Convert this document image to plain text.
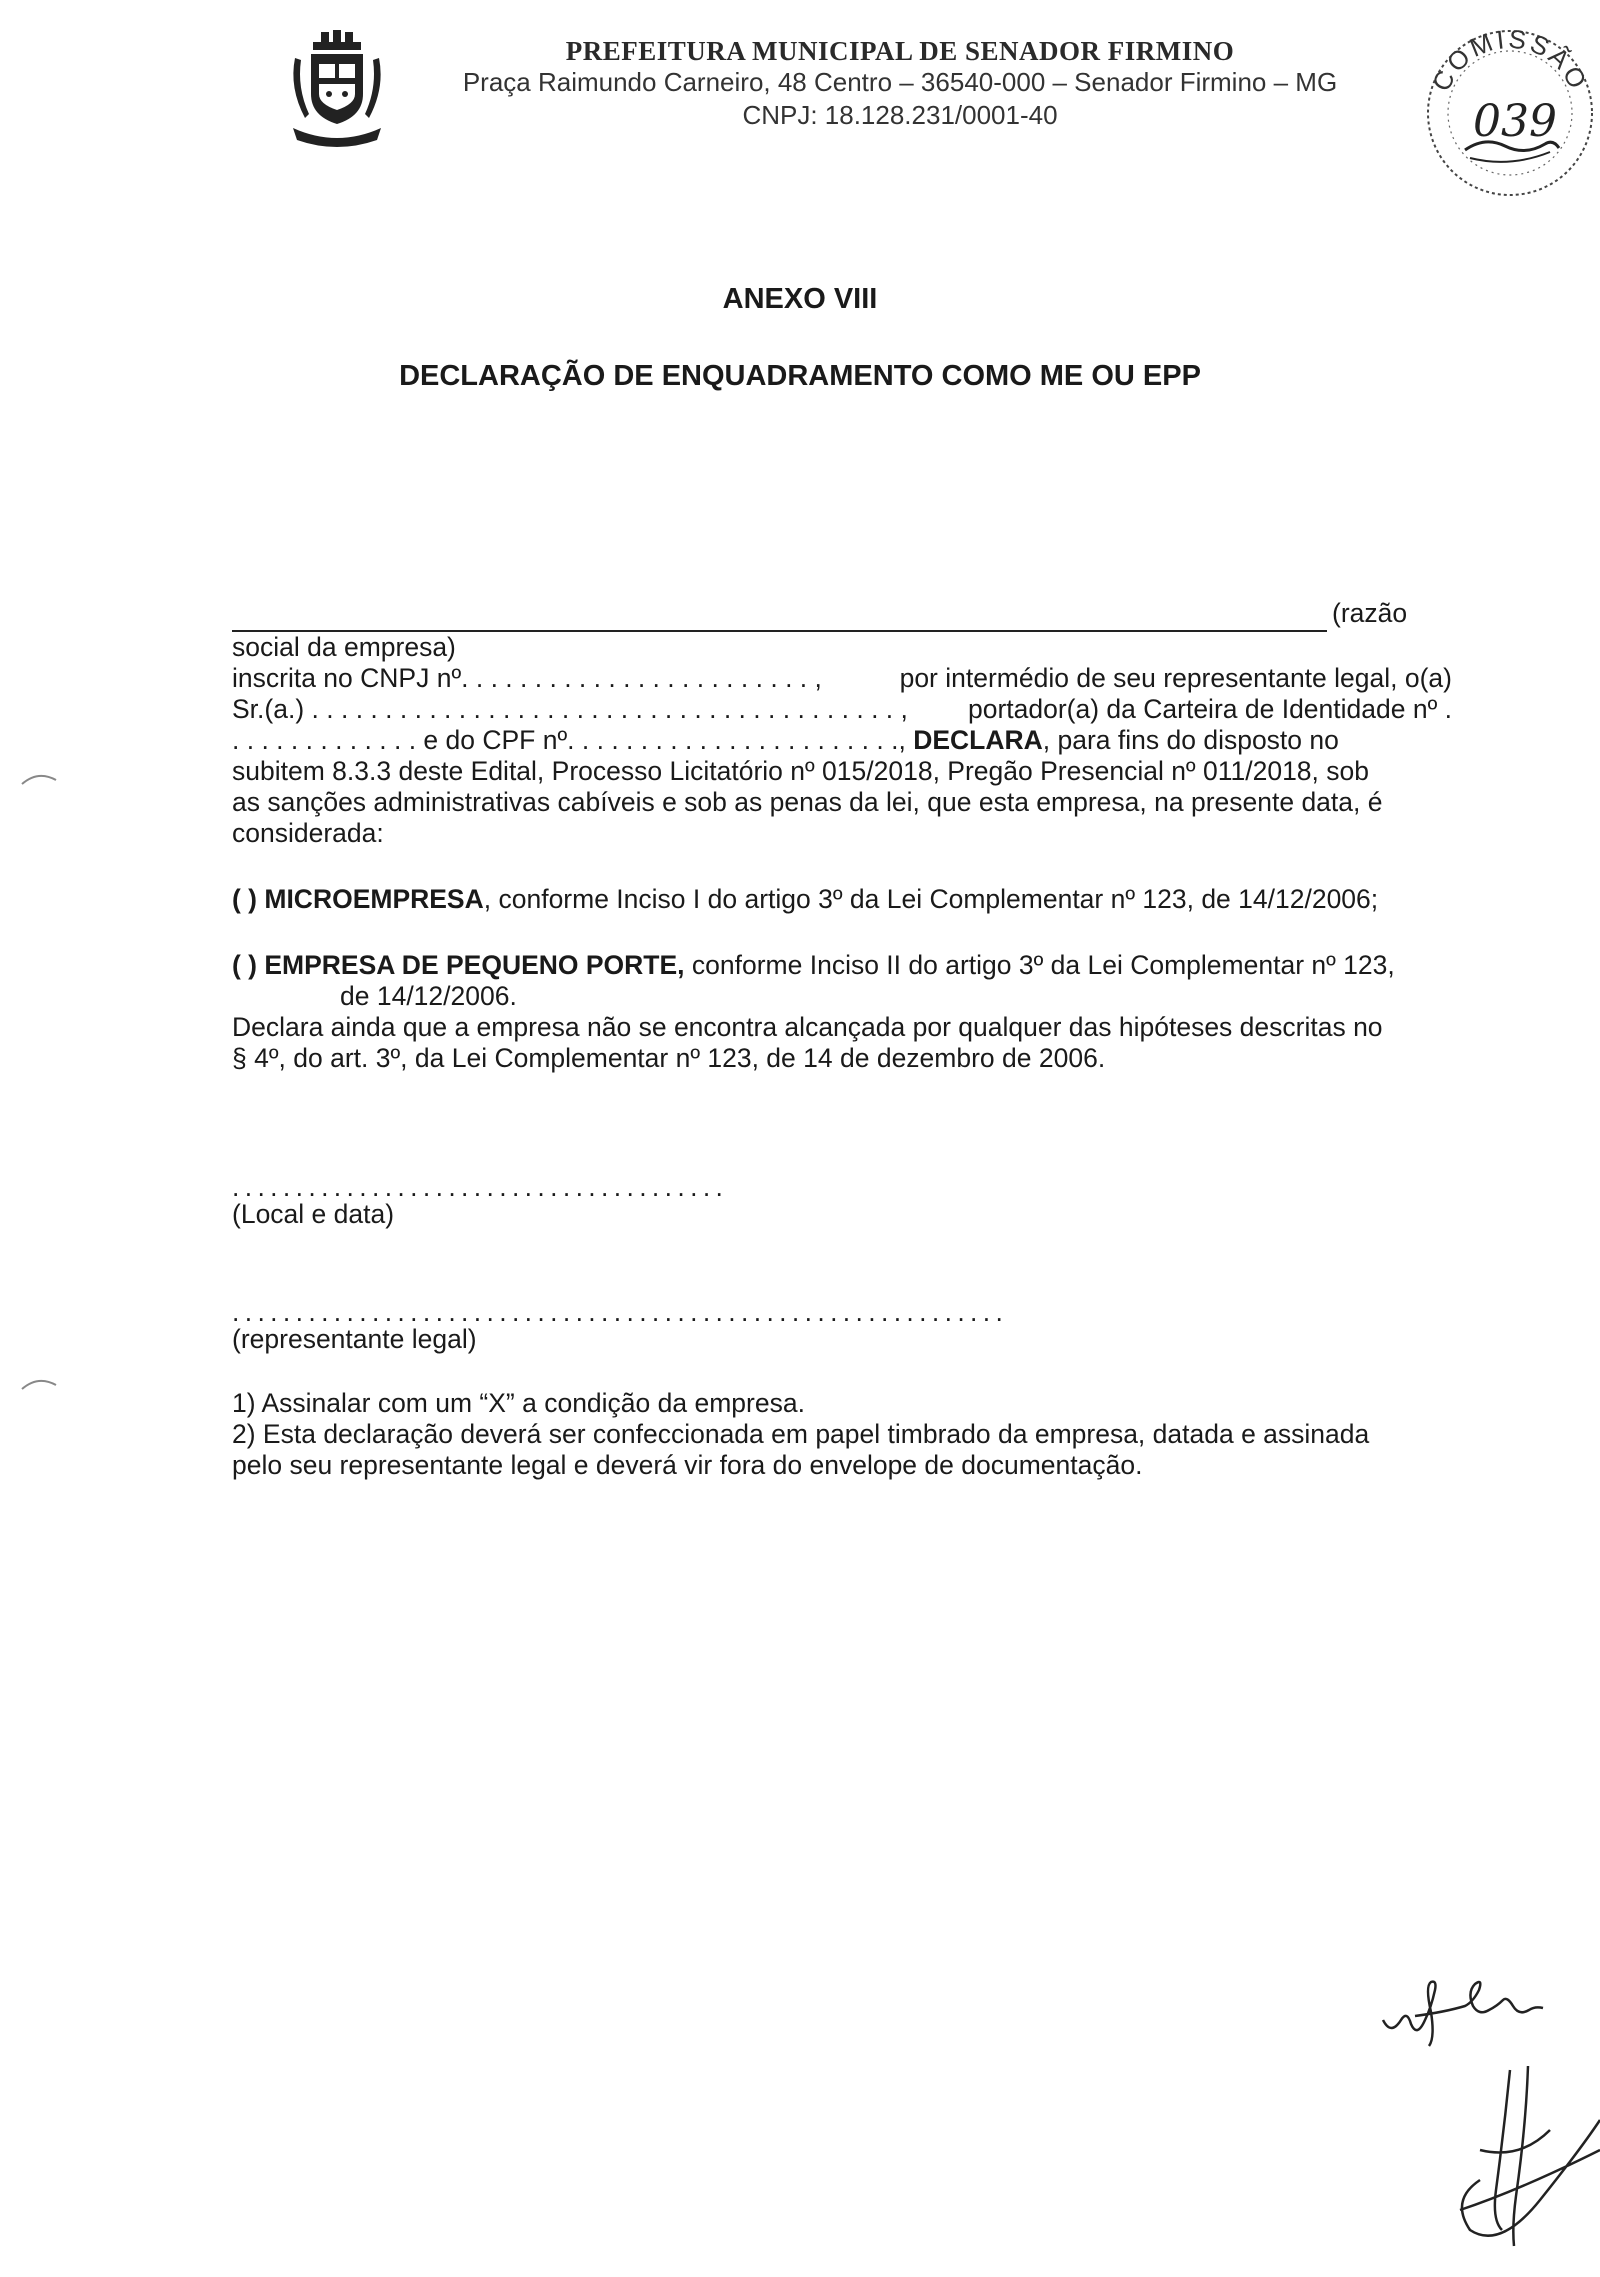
PREFEITURA MUNICIPAL DE SENADOR FIRMINO
Praça Raimundo Carneiro, 48 Centro – 36540-000 – Senador Firmino – MG
CNPJ: 18.128.231/0001-40
COMISSÃO
039
ANEXO VIII
DECLARAÇÃO DE ENQUADRAMENTO COMO ME OU EPP
(razão
social da empresa)
inscrita no CNPJ nº. . . . . . . . . . . . . . . . . . . . . . . . ,	por intermédio de seu representante legal, o(a)
Sr.(a.) . . . . . . . . . . . . . . . . . . . . . . . . . . . . . . . . . . . . . . . . , portador(a) da Carteira de Identidade nº .
. . . . . . . . . . . . . e do CPF nº. . . . . . . . . . . . . . . . . . . . . . ., DECLARA, para fins do disposto no
subitem 8.3.3 deste Edital, Processo Licitatório nº 015/2018, Pregão Presencial nº 011/2018, sob
as sanções administrativas cabíveis e sob as penas da lei, que esta empresa, na presente data, é
considerada:
( ) MICROEMPRESA, conforme Inciso I do artigo 3º da Lei Complementar nº 123, de 14/12/2006;
( ) EMPRESA DE PEQUENO PORTE, conforme Inciso II do artigo 3º da Lei Complementar nº 123,
de 14/12/2006.
Declara ainda que a empresa não se encontra alcançada por qualquer das hipóteses descritas no
§ 4º, do art. 3º, da Lei Complementar nº 123, de 14 de dezembro de 2006.
. . . . . . . . . . . . . . . . . . . . . . . . . . . . . . . . . . . . . . .
(Local e data)
. . . . . . . . . . . . . . . . . . . . . . . . . . . . . . . . . . . . . . . . . . . . . . . . . . . . . . . . . . . . .
(representante legal)
1) Assinalar com um “X” a condição da empresa.
2) Esta declaração deverá ser confeccionada em papel timbrado da empresa, datada e assinada
pelo seu representante legal e deverá vir fora do envelope de documentação.
